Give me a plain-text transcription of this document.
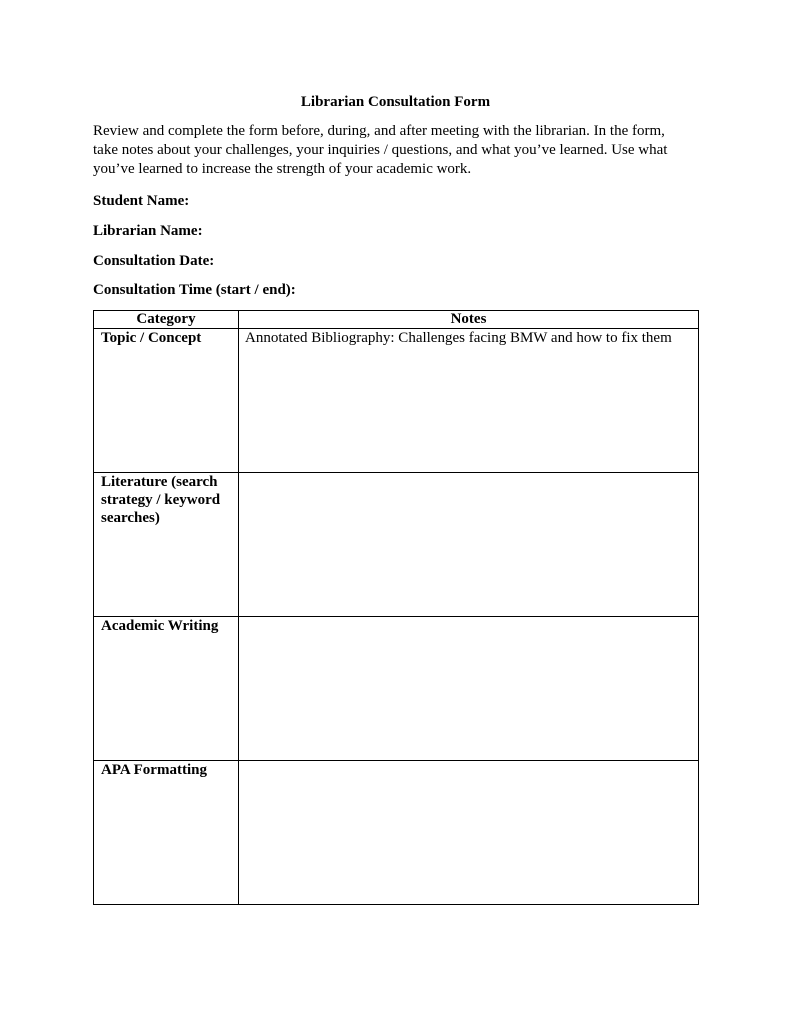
Librarian Consultation Form
Review and complete the form before, during, and after meeting with the librarian. In the form,
take notes about your challenges, your inquiries / questions, and what you’ve learned. Use what
you’ve learned to increase the strength of your academic work.
Student Name:
Librarian Name:
Consultation Date:
Consultation Time (start / end):
Category	Notes
Topic / Concept	Annotated Bibliography: Challenges facing BMW and how to fix them
Literature (search strategy / keyword searches)	
Academic Writing	
APA Formatting	
